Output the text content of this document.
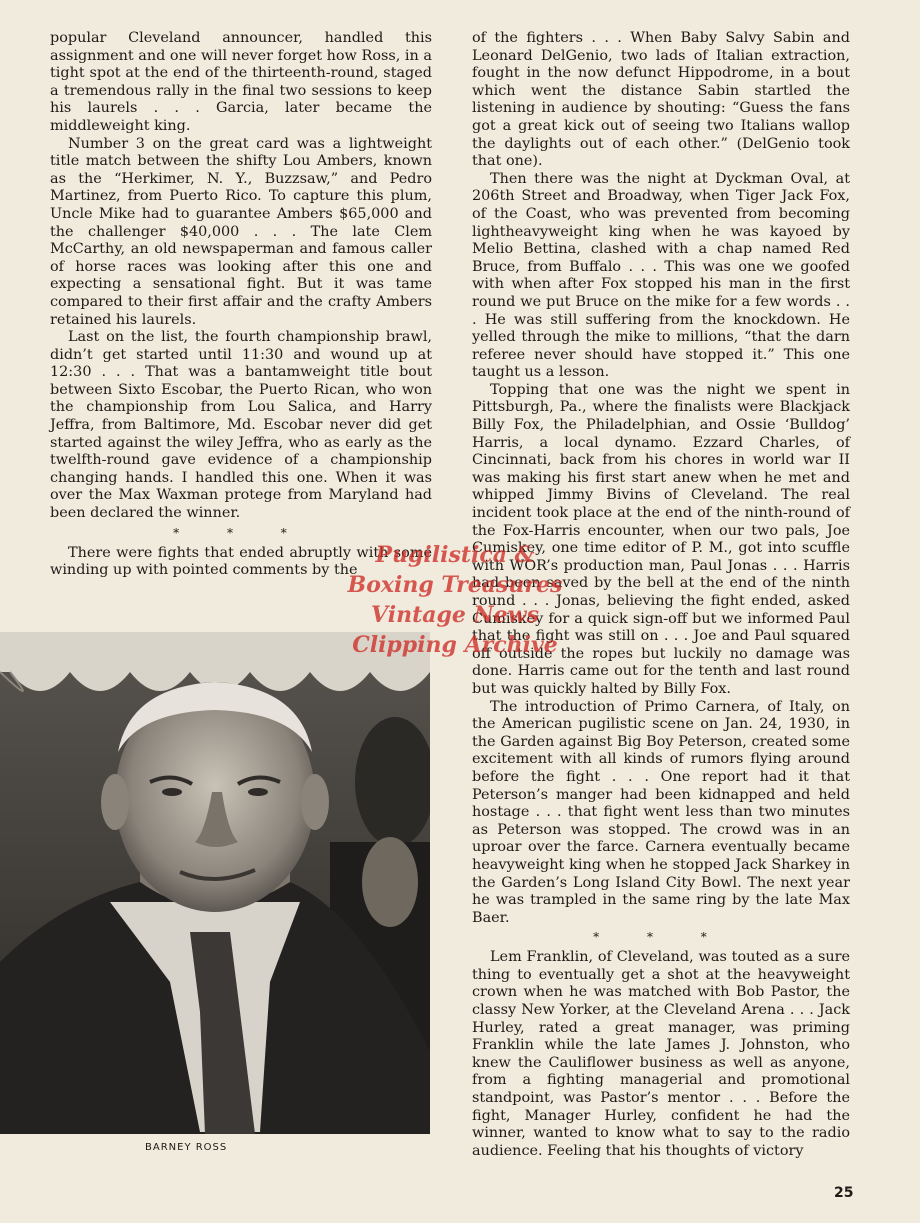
popular Cleveland announcer, handled this assignment and one will never forget how Ross, in a tight spot at the end of the thirteenth-round, staged a tremendous rally in the final two sessions to keep his laurels . . . Garcia, later became the middleweight king.

Number 3 on the great card was a lightweight title match between the shifty Lou Ambers, known as the “Herkimer, N. Y., Buzzsaw,” and Pedro Martinez, from Puerto Rico. To capture this plum, Uncle Mike had to guarantee Ambers $65,000 and the challenger $40,000 . . . The late Clem McCarthy, an old newspaperman and famous caller of horse races was looking after this one and expecting a sensational fight. But it was tame compared to their first affair and the crafty Ambers retained his laurels.

Last on the list, the fourth championship brawl, didn’t get started until 11:30 and wound up at 12:30 . . . That was a bantamweight title bout between Sixto Escobar, the Puerto Rican, who won the championship from Lou Salica, and Harry Jeffra, from Baltimore, Md. Escobar never did get started against the wiley Jeffra, who as early as the twelfth-round gave evidence of a championship changing hands. I handled this one. When it was over the Max Waxman protege from Maryland had been declared the winner.

* * *

There were fights that ended abruptly with some winding up with pointed comments by the

BARNEY ROSS

of the fighters . . . When Baby Salvy Sabin and Leonard DelGenio, two lads of Italian extraction, fought in the now defunct Hippodrome, in a bout which went the distance Sabin startled the listening in audience by shouting: “Guess the fans got a great kick out of seeing two Italians wallop the daylights out of each other.” (DelGenio took that one).

Then there was the night at Dyckman Oval, at 206th Street and Broadway, when Tiger Jack Fox, of the Coast, who was prevented from becoming lightheavyweight king when he was kayoed by Melio Bettina, clashed with a chap named Red Bruce, from Buffalo . . . This was one we goofed with when after Fox stopped his man in the first round we put Bruce on the mike for a few words . . . He was still suffering from the knockdown. He yelled through the mike to millions, “that the darn referee never should have stopped it.” This one taught us a lesson.

Topping that one was the night we spent in Pittsburgh, Pa., where the finalists were Blackjack Billy Fox, the Philadelphian, and Ossie ‘Bulldog’ Harris, a local dynamo. Ezzard Charles, of Cincinnati, back from his chores in world war II was making his first start anew when he met and whipped Jimmy Bivins of Cleveland. The real incident took place at the end of the ninth-round of the Fox-Harris encounter, when our two pals, Joe Cumiskey, one time editor of P. M., got into scuffle with WOR’s production man, Paul Jonas . . . Harris had been saved by the bell at the end of the ninth round . . . Jonas, believing the fight ended, asked Cumiskey for a quick sign-off but we informed Paul that the fight was still on . . . Joe and Paul squared off outside the ropes but luckily no damage was done. Harris came out for the tenth and last round but was quickly halted by Billy Fox.

The introduction of Primo Carnera, of Italy, on the American pugilistic scene on Jan. 24, 1930, in the Garden against Big Boy Peterson, created some excitement with all kinds of rumors flying around before the fight . . . One report had it that Peterson’s manger had been kidnapped and held hostage . . . that fight went less than two minutes as Peterson was stopped. The crowd was in an uproar over the farce. Carnera eventually became heavyweight king when he stopped Jack Sharkey in the Garden’s Long Island City Bowl. The next year he was trampled in the same ring by the late Max Baer.

* * *

Lem Franklin, of Cleveland, was touted as a sure thing to eventually get a shot at the heavyweight crown when he was matched with Bob Pastor, the classy New Yorker, at the Cleveland Arena . . . Jack Hurley, rated a great manager, was priming Franklin while the late James J. Johnston, who knew the Cauliflower business as well as anyone, from a fighting managerial and promotional standpoint, was Pastor’s mentor . . . Before the fight, Manager Hurley, confident he had the winner, wanted to know what to say to the radio audience. Feeling that his thoughts of victory

Pugilistica &
Boxing Treasures
Vintage News
Clipping Archive
25
